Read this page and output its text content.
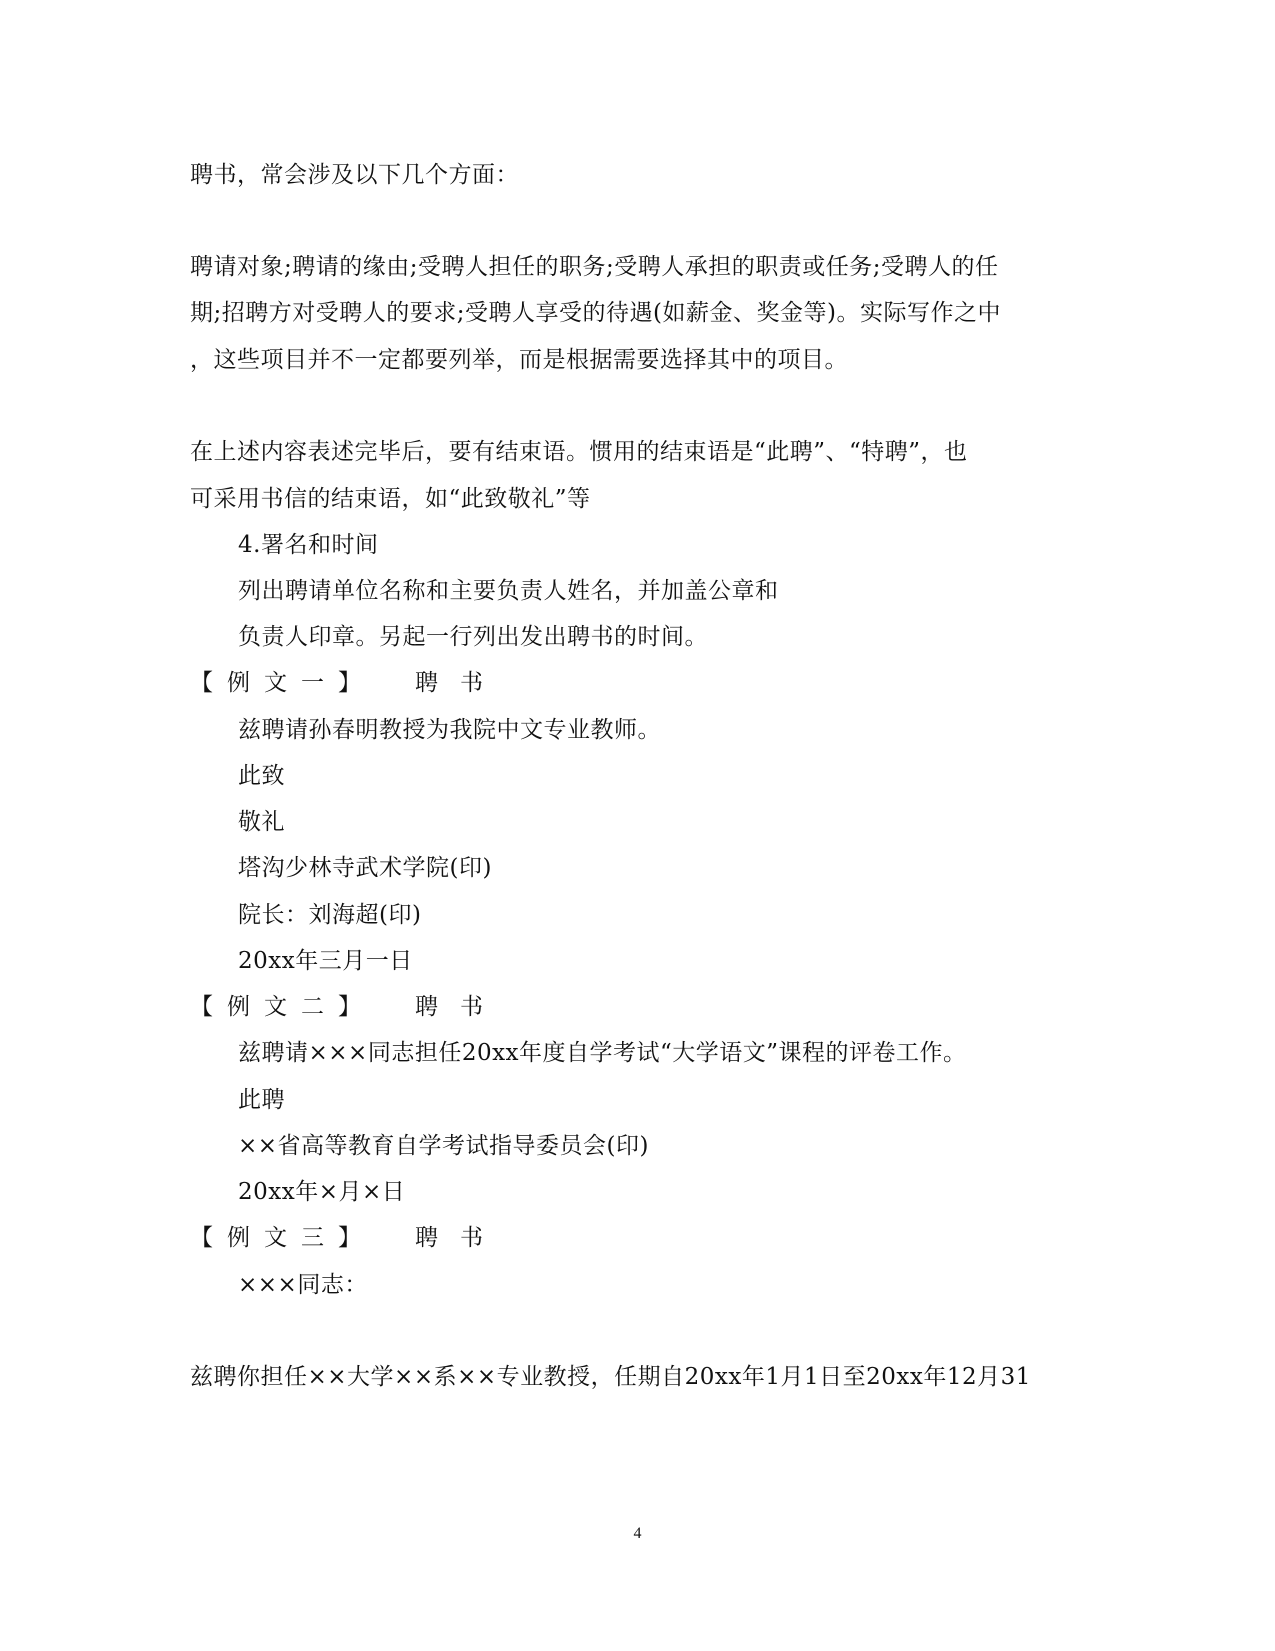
聘书，常会涉及以下几个方面：
聘请对象;聘请的缘由;受聘人担任的职务;受聘人承担的职责或任务;受聘人的任
期;招聘方对受聘人的要求;受聘人享受的待遇(如薪金、奖金等)。实际写作之中
，这些项目并不一定都要列举，而是根据需要选择其中的项目。
在上述内容表述完毕后，要有结束语。惯用的结束语是“此聘”、“特聘”，也
可采用书信的结束语，如“此致敬礼”等
4.署名和时间
列出聘请单位名称和主要负责人姓名，并加盖公章和
负责人印章。另起一行列出发出聘书的时间。
【例文一】 聘书
兹聘请孙春明教授为我院中文专业教师。
此致
敬礼
塔沟少林寺武术学院(印)
院长：刘海超(印)
20xx年三月一日
【例文二】 聘书
兹聘请×××同志担任20xx年度自学考试“大学语文”课程的评卷工作。
此聘
××省高等教育自学考试指导委员会(印)
20xx年×月×日
【例文三】 聘书
×××同志：
兹聘你担任××大学××系××专业教授，任期自20xx年1月1日至20xx年12月31
4
